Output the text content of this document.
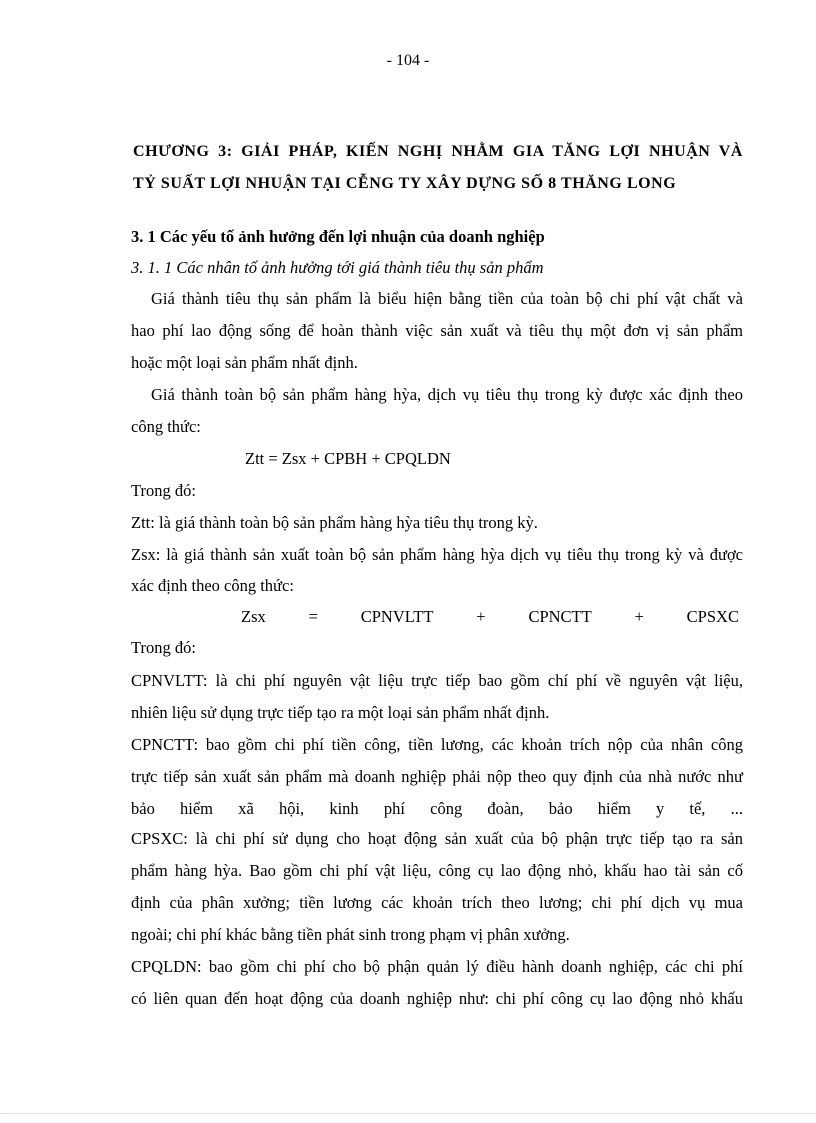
- 104 -
CHƯƠNG 3: GIẢI PHÁP, KIẾN NGHỊ NHẰM GIA TĂNG LỢI NHUẬN VÀ
TỶ SUẤT LỢI NHUẬN TẠI CỄNG TY XÂY DỰNG SỐ 8 THĂNG LONG
3. 1 Các yếu tố ảnh hưởng đến lợi nhuận của doanh nghiệp
3. 1. 1 Các nhân tố ảnh hưởng tới giá thành tiêu thụ sản phẩm
Giá thành tiêu thụ sản phẩm là biểu hiện bằng tiền của toàn bộ chi phí vật chất và
hao phí lao động sống để hoàn thành việc sản xuất và tiêu thụ một đơn vị sản phẩm
hoặc một loại sản phẩm nhất định.
Giá thành toàn bộ sản phẩm hàng hỳa, dịch vụ tiêu thụ trong kỳ được xác định theo
công thức:
Ztt = Zsx + CPBH + CPQLDN
Trong đó:
Ztt: là giá thành toàn bộ sản phẩm hàng hỳa tiêu thụ trong kỳ.
Zsx: là giá thành sản xuất toàn bộ sản phẩm hàng hỳa dịch vụ tiêu thụ trong kỳ và được
xác định theo công thức:
Zsx	=	CPNVLTT	+	CPNCTT	+	CPSXC
Trong đó:
CPNVLTT: là chi phí nguyên vật liệu trực tiếp bao gồm chí phí về nguyên vật liệu,
nhiên liệu sử dụng trực tiếp tạo ra một loại sản phẩm nhất định.
CPNCTT: bao gồm chi phí tiền công, tiền lương, các khoản trích nộp của nhân công
trực tiếp sản xuất sản phẩm mà doanh nghiệp phải nộp theo quy định của nhà nước như
bảo hiểm xã hội, kinh phí công đoàn, bảo hiểm y tế, ...
CPSXC: là chi phí sử dụng cho hoạt động sản xuất của bộ phận trực tiếp tạo ra sản
phẩm hàng hỳa. Bao gồm chi phí vật liệu, công cụ lao động nhỏ, khấu hao tài sản cố
định của phân xưởng; tiền lương các khoản trích theo lương; chi phí dịch vụ mua
ngoài; chi phí khác bằng tiền phát sinh trong phạm vị phân xưởng.
CPQLDN: bao gồm chi phí cho bộ phận quản lý điều hành doanh nghiệp, các chi phí
có liên quan đến hoạt động của doanh nghiệp như: chi phí công cụ lao động nhỏ khấu
